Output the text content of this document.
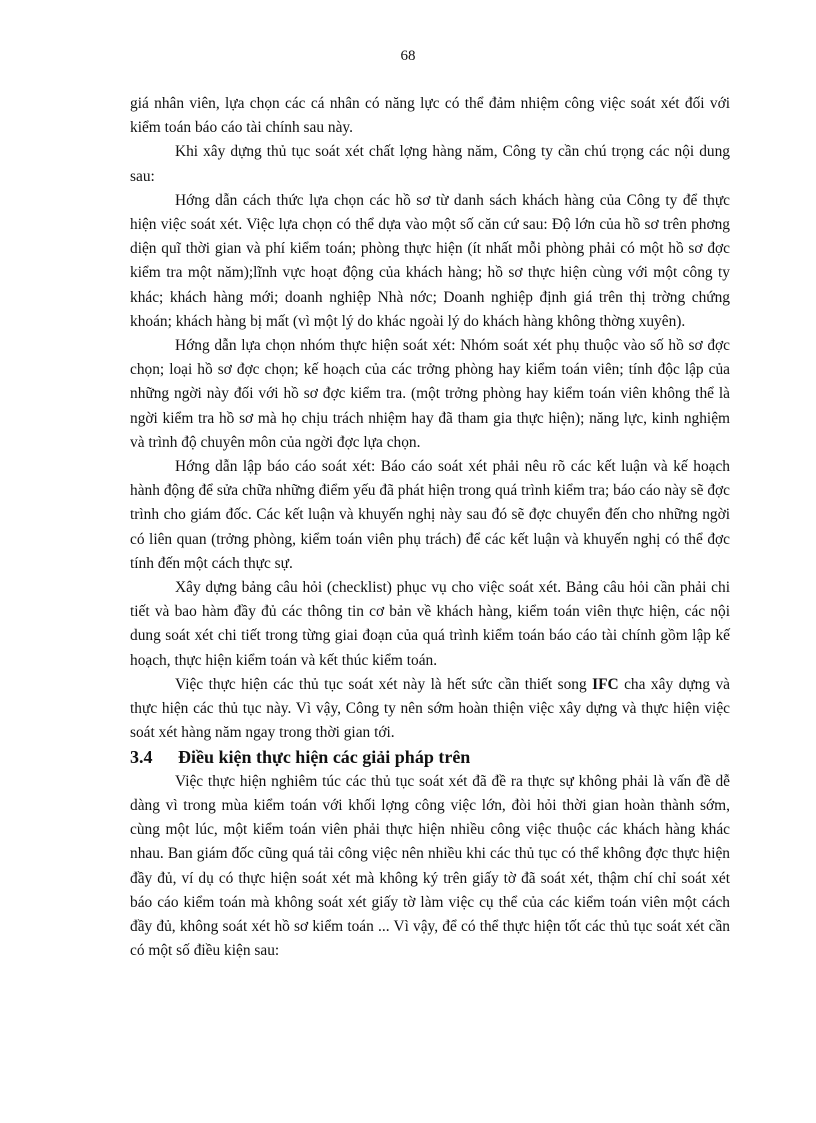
68

giá nhân viên, lựa chọn các cá nhân có năng lực có thể đảm nhiệm công việc soát xét đối với kiểm toán báo cáo tài chính sau này.

Khi xây dựng thủ tục soát xét chất lợng hàng năm, Công ty cần chú trọng các nội dung sau:

Hớng dẫn cách thức lựa chọn các hồ sơ từ danh sách khách hàng của Công ty để thực hiện việc soát xét. Việc lựa chọn có thể dựa vào một số căn cứ sau: Độ lớn của hồ sơ trên phơng diện quĩ thời gian và phí kiểm toán; phòng thực hiện (ít nhất mỗi phòng phải có một hồ sơ đợc kiểm tra một năm);lĩnh vực hoạt động của khách hàng; hồ sơ thực hiện cùng với một công ty khác; khách hàng mới; doanh nghiệp Nhà nớc; Doanh nghiệp định giá trên thị trờng chứng khoán; khách hàng bị mất (vì một lý do khác ngoài lý do khách hàng không thờng xuyên).

Hớng dẫn lựa chọn nhóm thực hiện soát xét: Nhóm soát xét phụ thuộc vào số hồ sơ đợc chọn; loại hồ sơ đợc chọn; kế hoạch của các trởng phòng hay kiểm toán viên; tính độc lập của những ngời này đối với hồ sơ đợc kiểm tra. (một trởng phòng hay kiểm toán viên không thể là ngời kiểm tra hồ sơ mà họ chịu trách nhiệm hay đã tham gia thực hiện); năng lực, kinh nghiệm và trình độ chuyên môn của ngời đợc lựa chọn.

Hớng dẫn lập báo cáo soát xét: Báo cáo soát xét phải nêu rõ các kết luận và kế hoạch hành động để sửa chữa những điểm yếu đã phát hiện trong quá trình kiểm tra; báo cáo này sẽ đợc trình cho giám đốc. Các kết luận và khuyến nghị này sau đó sẽ đợc chuyển đến cho những ngời có liên quan (trởng phòng, kiểm toán viên phụ trách) để các kết luận và khuyến nghị có thể đợc tính đến một cách thực sự.

Xây dựng bảng câu hỏi (checklist) phục vụ cho việc soát xét. Bảng câu hỏi cần phải chi tiết và bao hàm đầy đủ các thông tin cơ bản về khách hàng, kiểm toán viên thực hiện, các nội dung soát xét chi tiết trong từng giai đoạn của quá trình kiểm toán báo cáo tài chính gồm lập kế hoạch, thực hiện kiểm toán và kết thúc kiểm toán.

Việc thực hiện các thủ tục soát xét này là hết sức cần thiết song IFC cha xây dựng và thực hiện các thủ tục này. Vì vậy, Công ty nên sớm hoàn thiện việc xây dựng và thực hiện việc soát xét hàng năm ngay trong thời gian tới.

3.4	Điều kiện thực hiện các giải pháp trên

Việc thực hiện nghiêm túc các thủ tục soát xét đã đề ra thực sự không phải là vấn đề dễ dàng vì trong mùa kiểm toán với khối lợng công việc lớn, đòi hỏi thời gian hoàn thành sớm, cùng một lúc, một kiểm toán viên phải thực hiện nhiều công việc thuộc các khách hàng khác nhau. Ban giám đốc cũng quá tải công việc nên nhiều khi các thủ tục có thể không đợc thực hiện đầy đủ, ví dụ có thực hiện soát xét mà không ký trên giấy tờ đã soát xét, thậm chí chỉ soát xét báo cáo kiểm toán mà không soát xét giấy tờ làm việc cụ thể của các kiểm toán viên một cách đầy đủ, không soát xét hồ sơ kiểm toán ... Vì vậy, để có thể thực hiện tốt các thủ tục soát xét cần có một số điều kiện sau:
